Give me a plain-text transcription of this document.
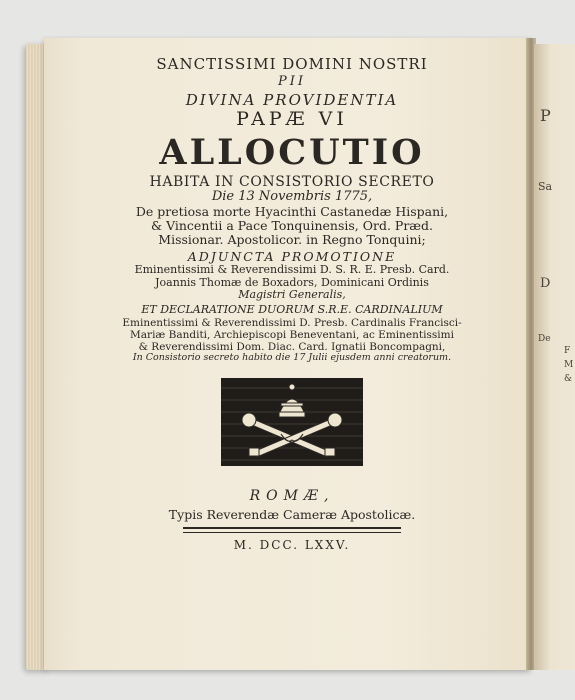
SANCTISSIMI DOMINI NOSTRI
PII
DIVINA PROVIDENTIA
PAPÆ VI
ALLOCUTIO
HABITA IN CONSISTORIO SECRETO
Die 13 Novembris 1775,
De pretiosa morte Hyacinthi Castanedæ Hispani,
& Vincentii a Pace Tonquinensis, Ord. Præd.
Missionar. Apostolicor. in Regno Tonquini;
ADJUNCTA PROMOTIONE
Eminentissimi & Reverendissimi D. S. R. E. Presb. Card.
Joannis Thomæ de Boxadors, Dominicani Ordinis
Magistri Generalis,
ET DECLARATIONE DUORUM S.R.E. CARDINALIUM
Eminentissimi & Reverendissimi D. Presb. Cardinalis Francisci-
Mariæ Banditi, Archiepiscopi Beneventani, ac Eminentissimi
& Reverendissimi Dom. Diac. Card. Ignatii Boncompagni,
In Consistorio secreto habito die 17 Julii ejusdem anni creatorum.
ROMÆ,
Typis Reverendæ Cameræ Apostolicæ.
M. DCC. LXXV.
P
Sa
D
De
F
M
&
